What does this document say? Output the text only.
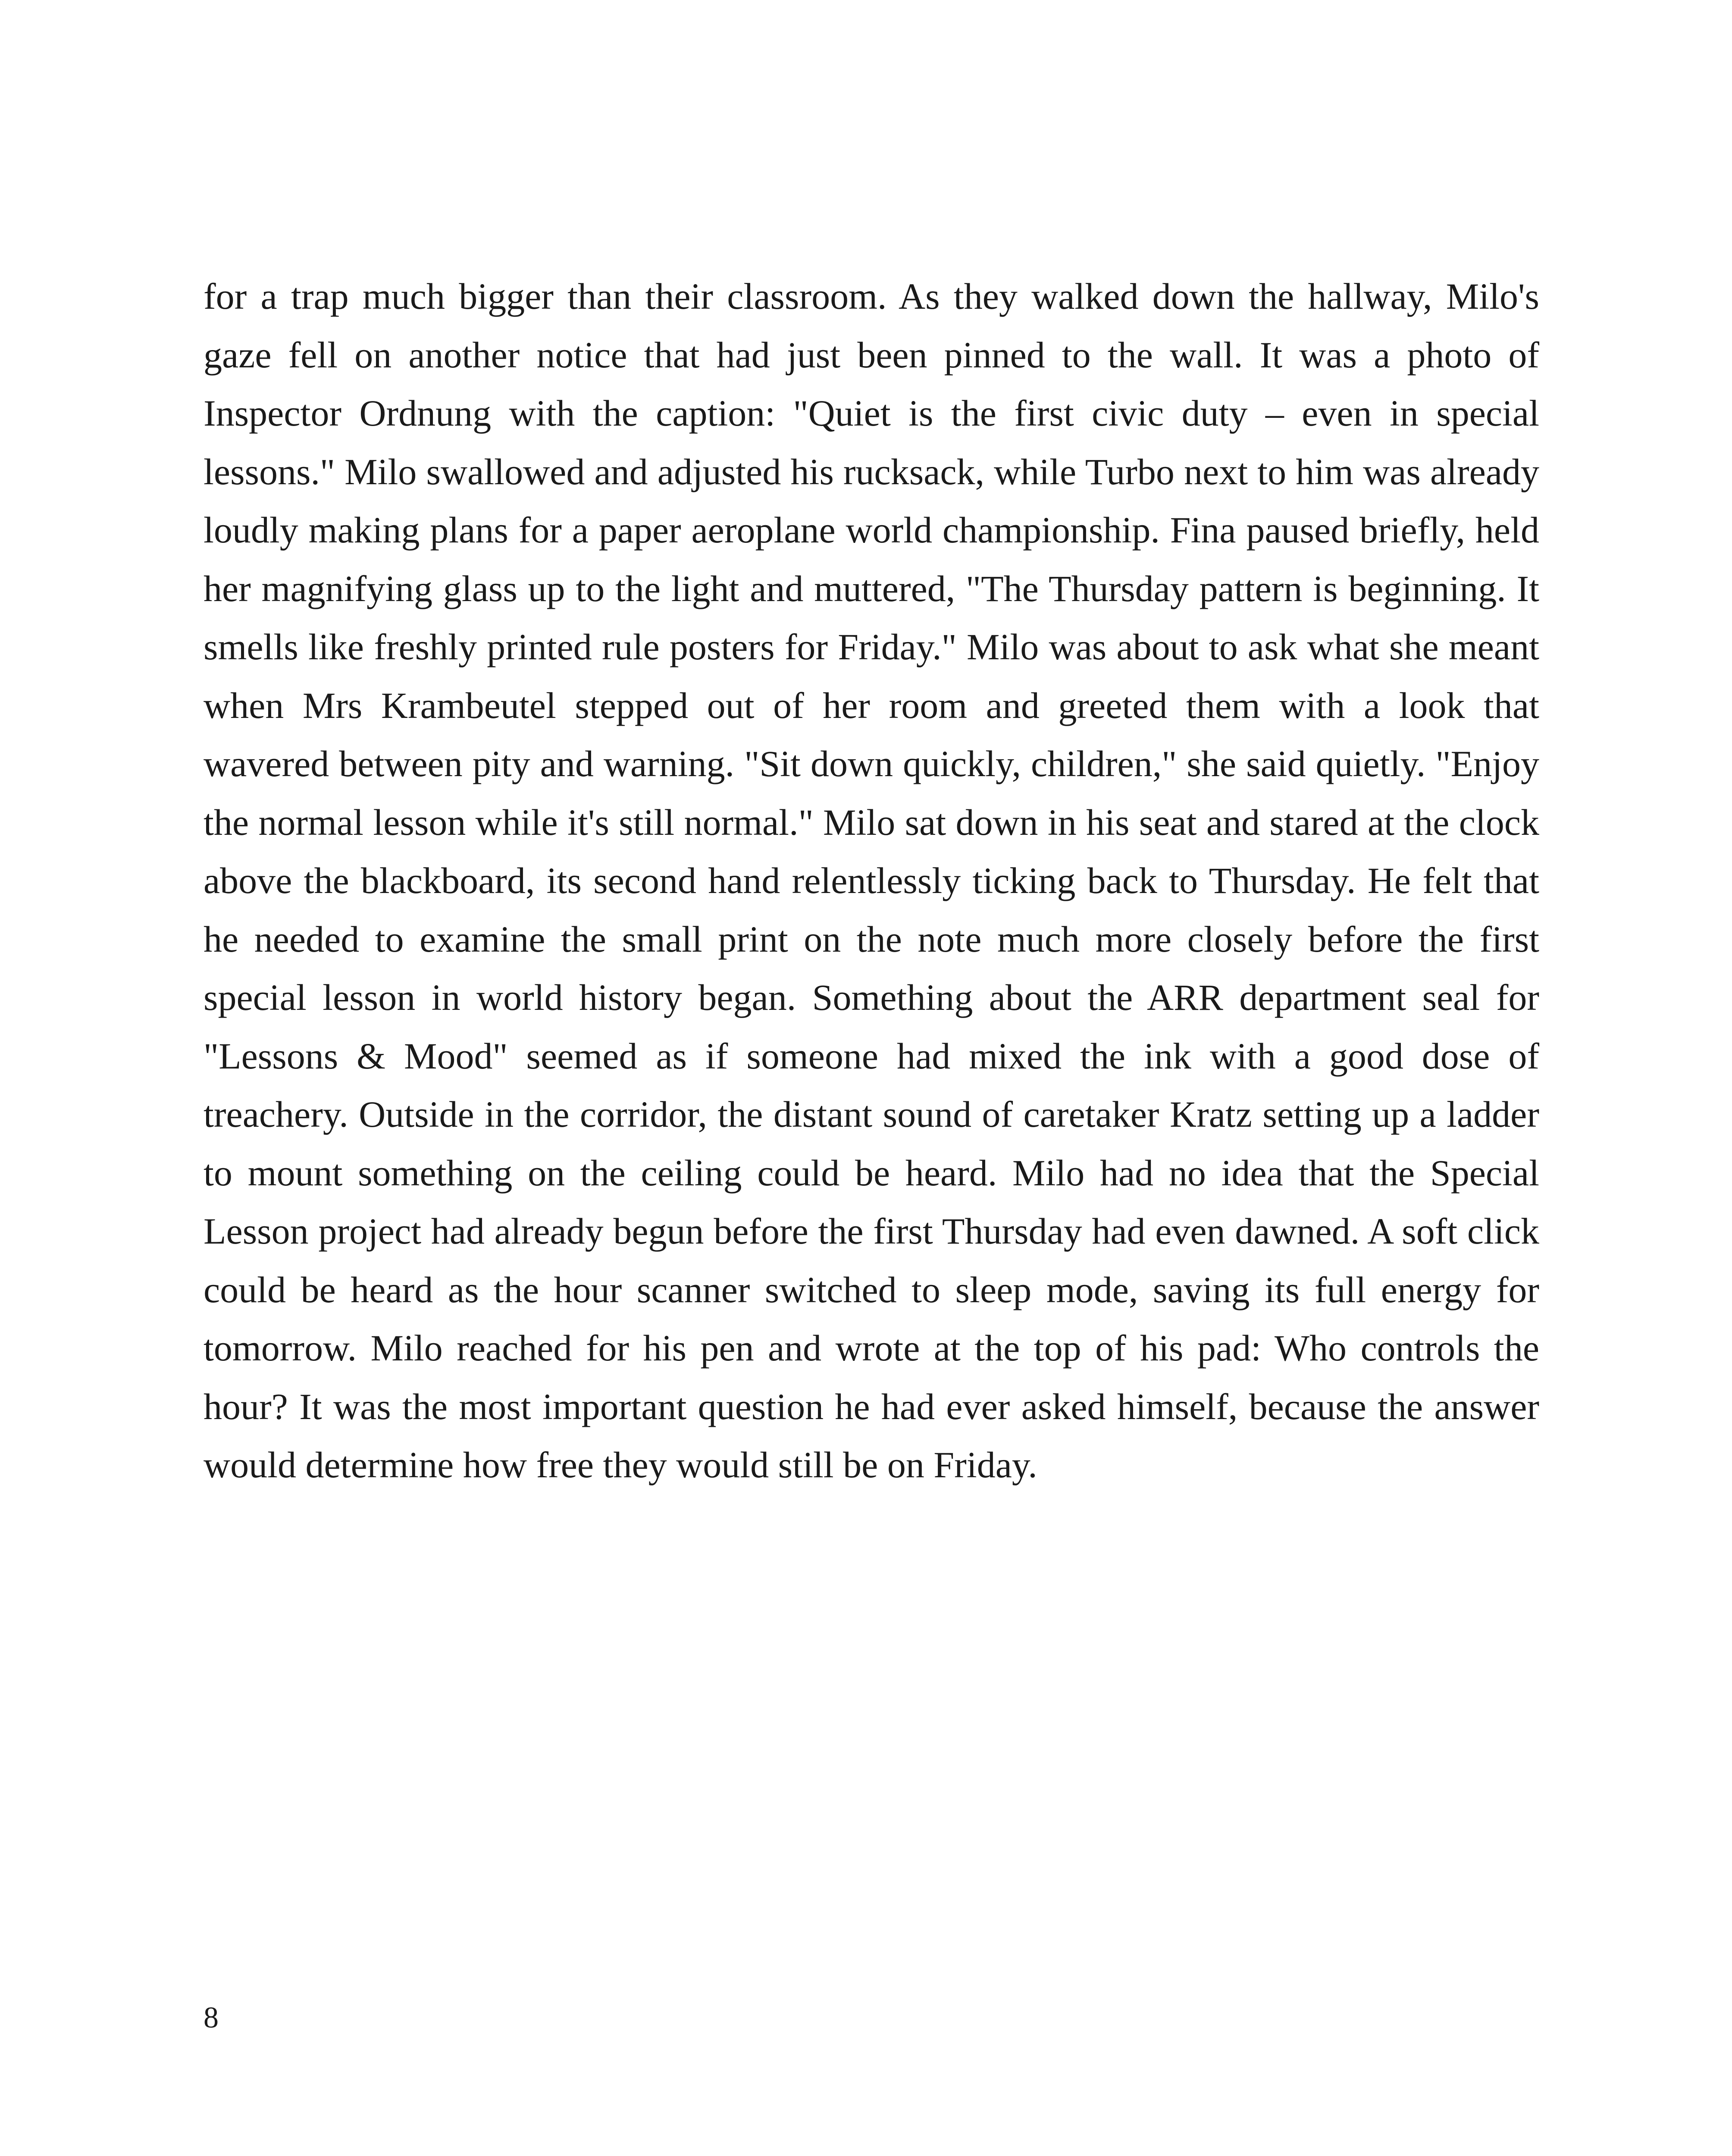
for a trap much bigger than their classroom. As they walked down the hallway, Milo's gaze fell on another notice that had just been pinned to the wall. It was a photo of Inspector Ordnung with the caption: "Quiet is the first civic duty – even in special lessons." Milo swallowed and adjusted his rucksack, while Turbo next to him was already loudly making plans for a paper aeroplane world championship. Fina paused briefly, held her magnifying glass up to the light and muttered, "The Thursday pattern is beginning. It smells like freshly printed rule posters for Friday." Milo was about to ask what she meant when Mrs Krambeutel stepped out of her room and greeted them with a look that wavered between pity and warning. "Sit down quickly, children," she said quietly. "Enjoy the normal lesson while it's still normal." Milo sat down in his seat and stared at the clock above the blackboard, its second hand relentlessly ticking back to Thursday. He felt that he needed to examine the small print on the note much more closely before the first special lesson in world history began. Something about the ARR department seal for "Lessons & Mood" seemed as if someone had mixed the ink with a good dose of treachery. Outside in the corridor, the distant sound of caretaker Kratz setting up a ladder to mount something on the ceiling could be heard. Milo had no idea that the Special Lesson project had already begun before the first Thursday had even dawned. A soft click could be heard as the hour scanner switched to sleep mode, saving its full energy for tomorrow. Milo reached for his pen and wrote at the top of his pad: Who controls the hour? It was the most important question he had ever asked himself, because the answer would determine how free they would still be on Friday.

8
